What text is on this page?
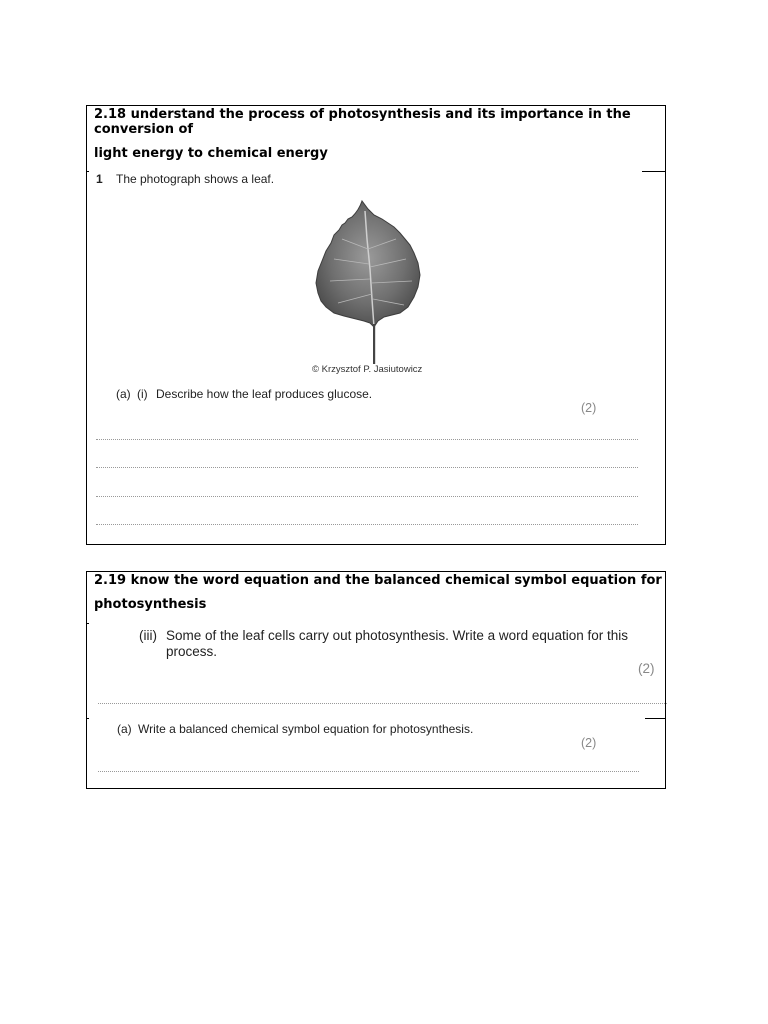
2.18 understand the process of photosynthesis and its importance in the
conversion of
light energy to chemical energy
1 The photograph shows a leaf.
© Krzysztof P. Jasiutowicz
(a) (i) Describe how the leaf produces glucose.
(2)
2.19 know the word equation and the balanced chemical symbol equation for
photosynthesis
(iii) Some of the leaf cells carry out photosynthesis. Write a word equation for this
process.
(2)
(a) Write a balanced chemical symbol equation for photosynthesis.
(2)
